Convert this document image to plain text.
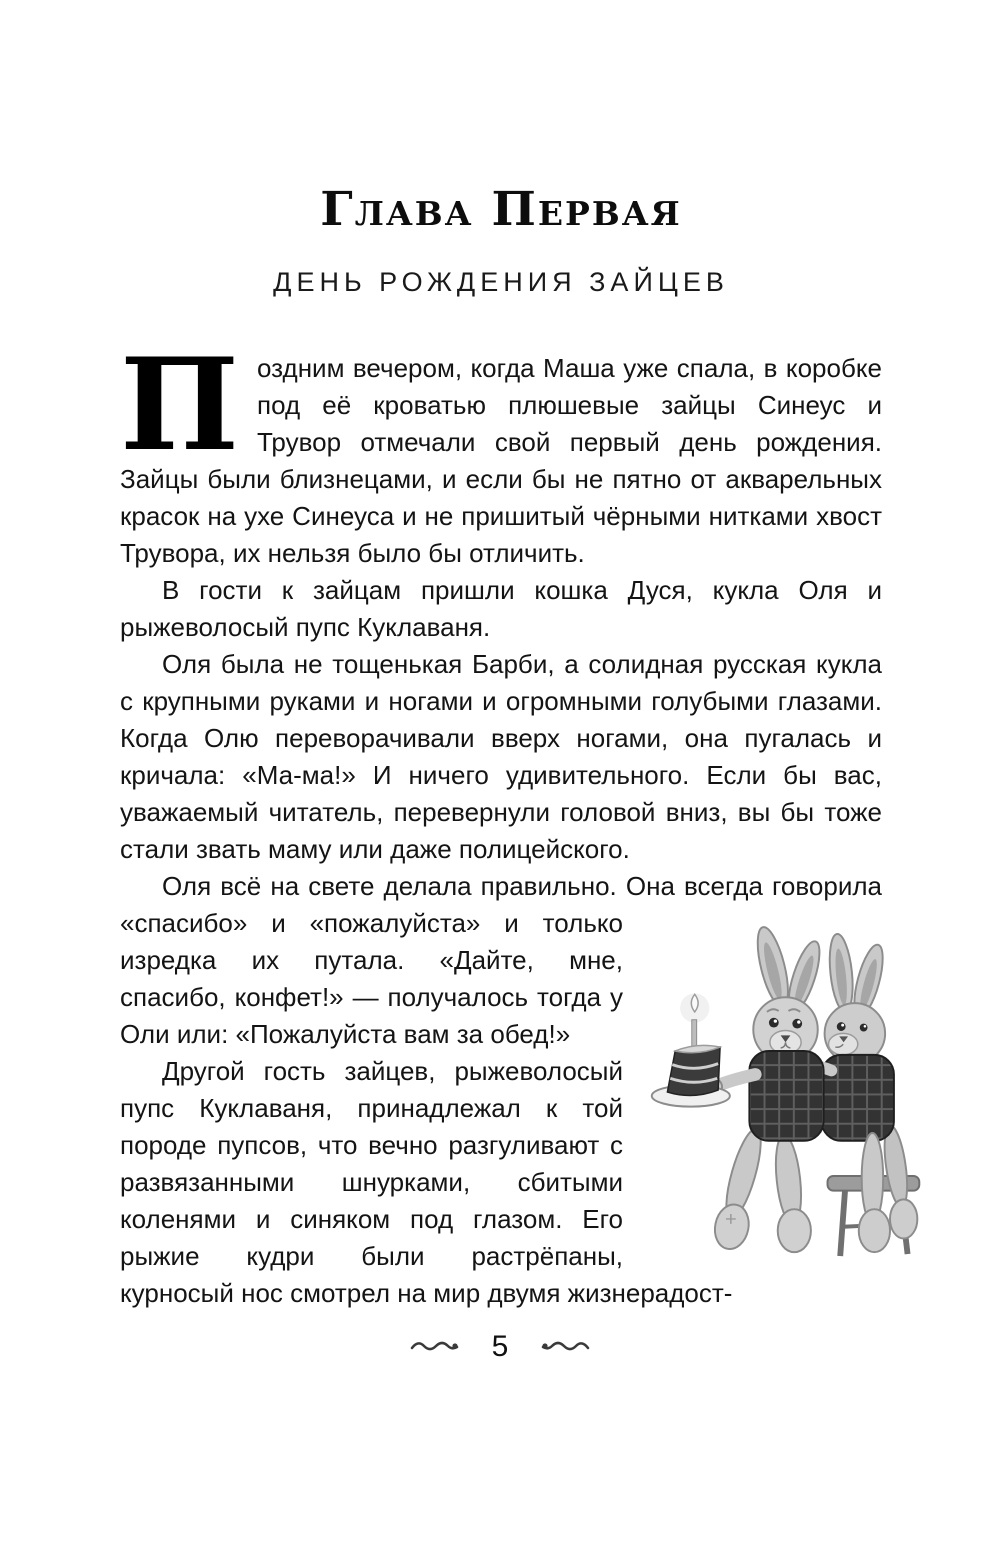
ГЛАВА ПЕРВАЯ
ДЕНЬ РОЖДЕНИЯ ЗАЙЦЕВ

Поздним вечером, когда Маша уже спала, в коробке под её кроватью плюшевые зайцы Синеус и Трувор отмечали свой первый день рождения. Зайцы были близнецами, и если бы не пятно от акварельных красок на ухе Синеуса и не пришитый чёрными нитками хвост Трувора, их нельзя было бы отличить.

В гости к зайцам пришли кошка Дуся, кукла Оля и рыжеволосый пупс Куклаваня.

Оля была не тощенькая Барби, а солидная русская кукла с крупными руками и ногами и огромными голубыми глазами. Когда Олю переворачивали вверх ногами, она пугалась и кричала: «Ма-ма!» И ничего удивительного. Если бы вас, уважаемый читатель, перевернули головой вниз, вы бы тоже стали звать маму или даже полицейского.

Оля всё на свете делала правильно. Она всегда говорила «спасибо» и «пожалуйста» и только изредка их путала. «Дайте, мне, спасибо, конфет!» — получалось тогда у Оли или: «Пожалуйста вам за обед!»

Другой гость зайцев, рыжеволосый пупс Куклаваня, принадлежал к той породе пупсов, что вечно разгуливают с развязанными шнурками, сбитыми коленями и синяком под глазом. Его рыжие кудри были растрёпаны, курносый нос смотрел на мир двумя жизнерадост-

5
